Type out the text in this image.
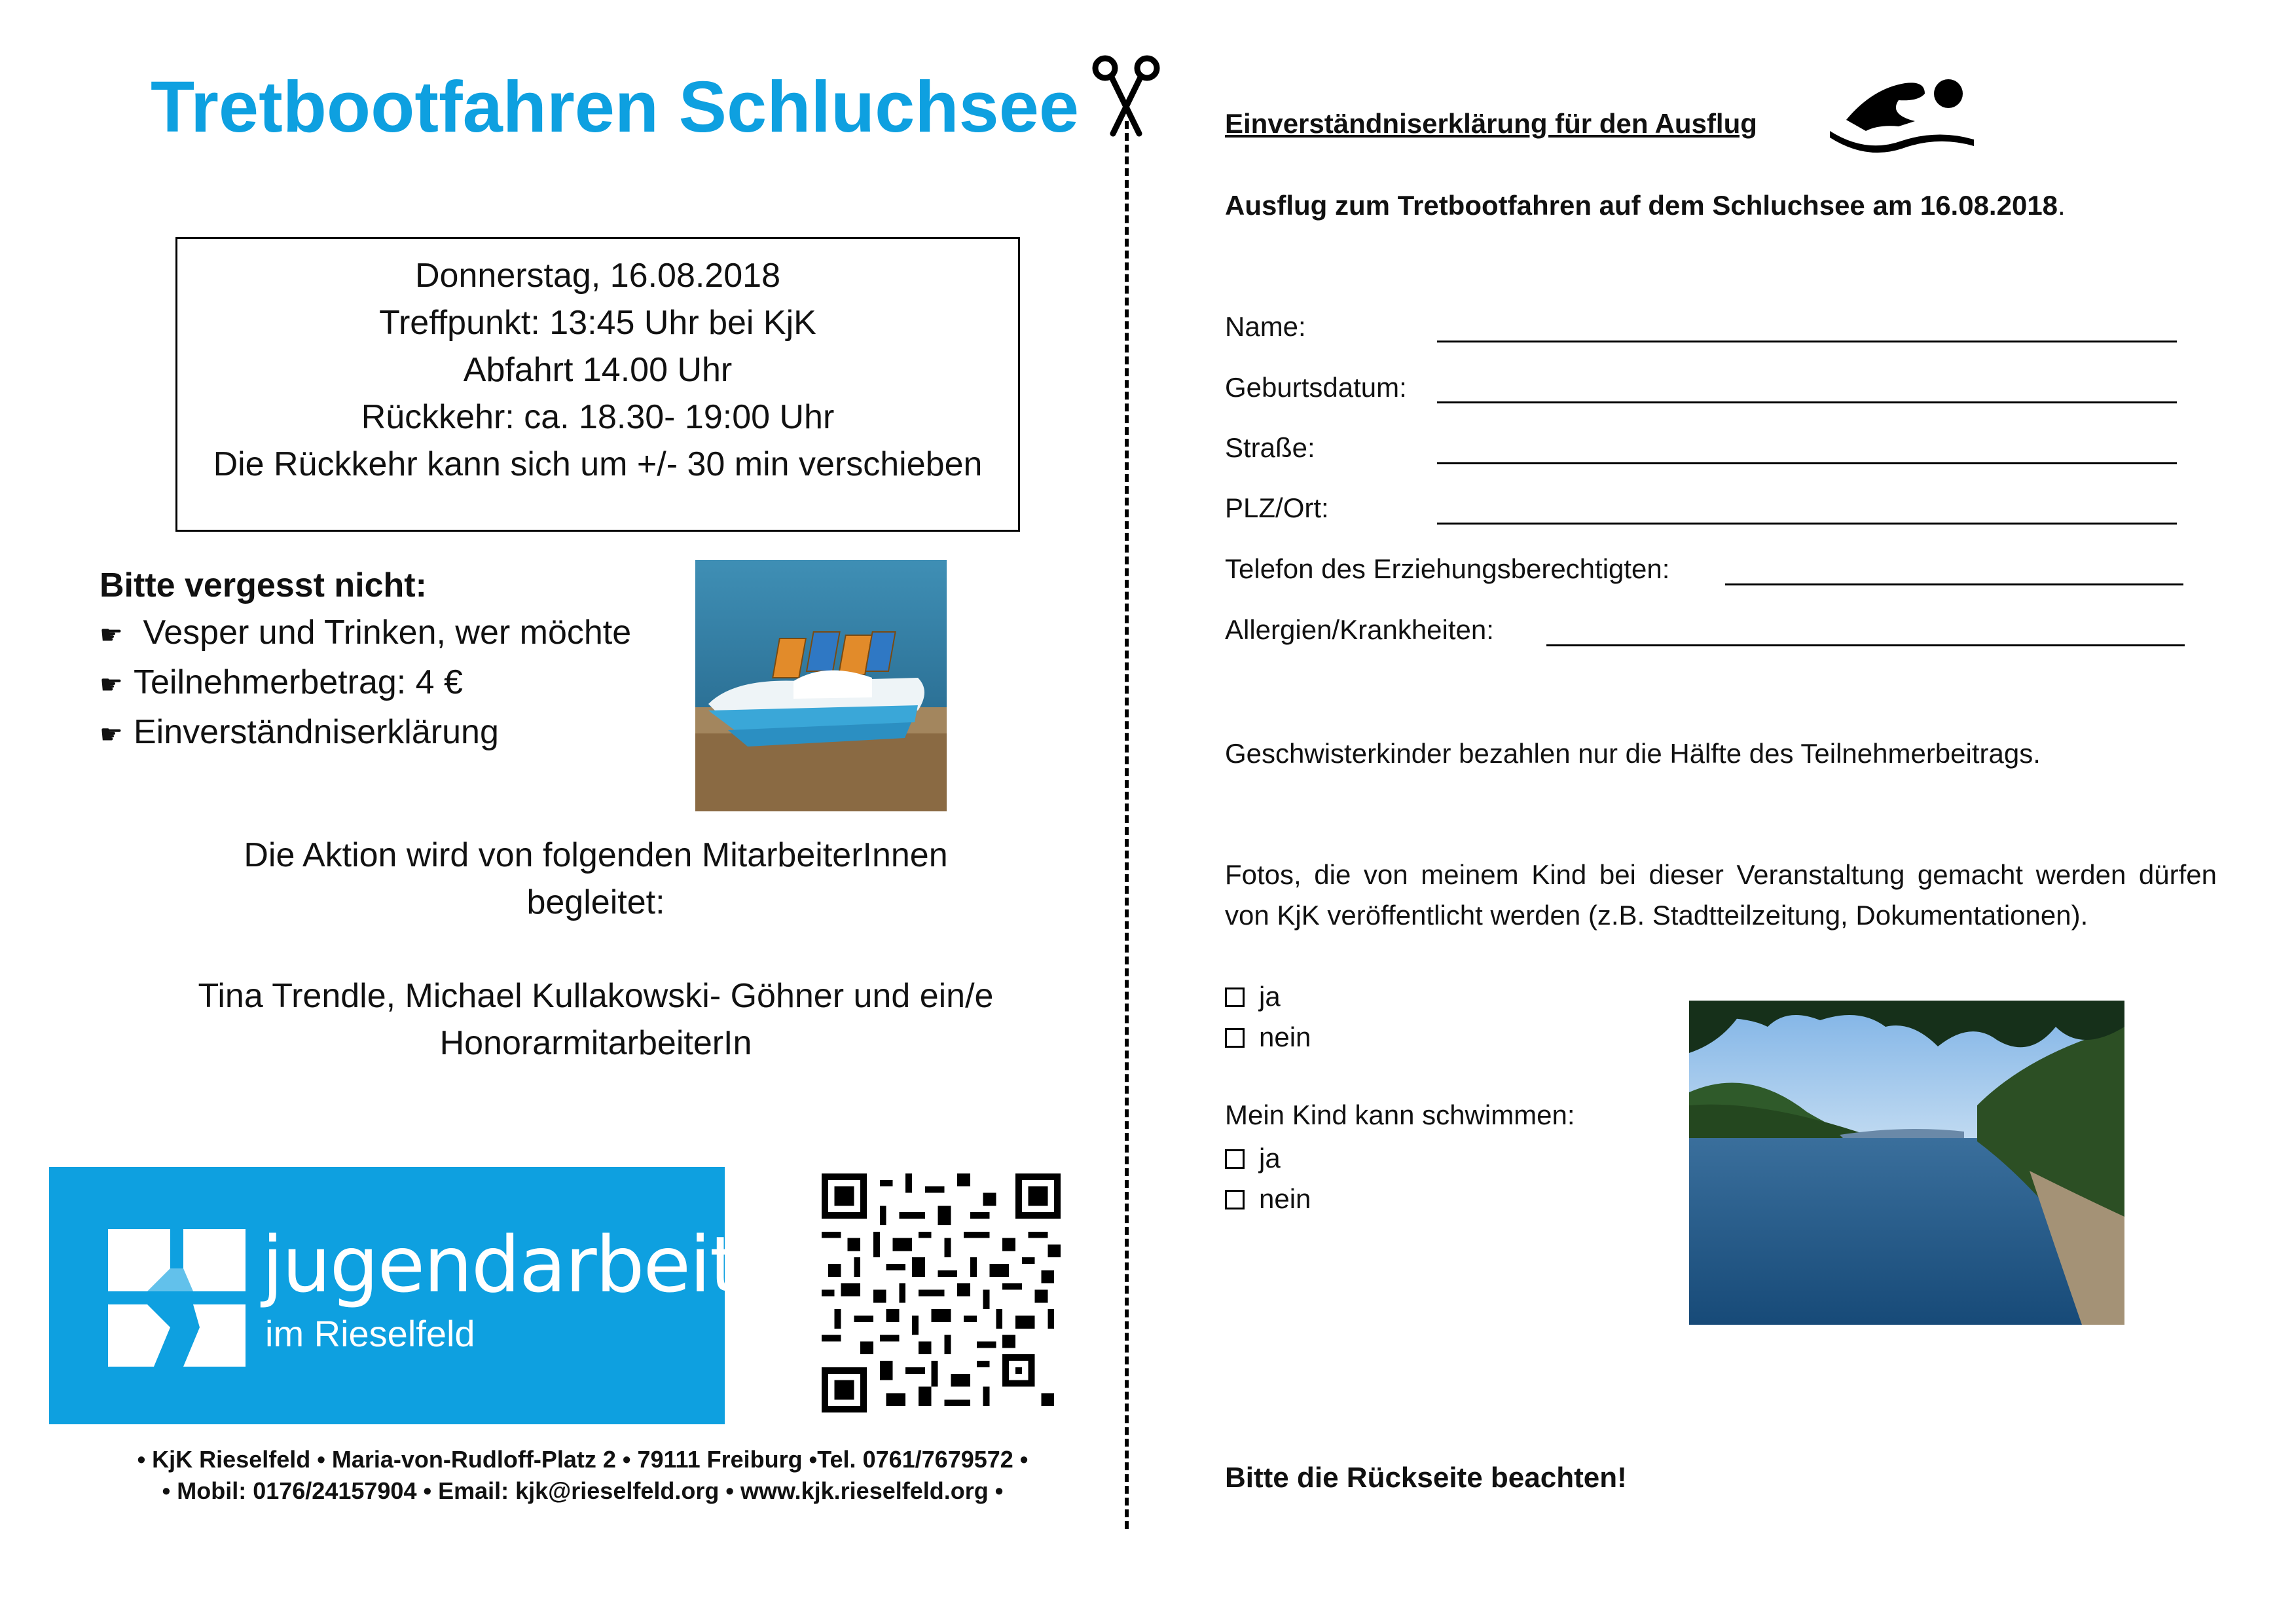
Tretbootfahren Schluchsee
Donnerstag, 16.08.2018
Treffpunkt: 13:45 Uhr bei KjK
Abfahrt 14.00 Uhr
Rückkehr: ca. 18.30- 19:00 Uhr
Die Rückkehr kann sich um +/- 30 min verschieben
Bitte vergesst nicht:
☛ Vesper und Trinken, wer möchte
☛ Teilnehmerbetrag: 4 €
☛ Einverständniserklärung
Die Aktion wird von folgenden MitarbeiterInnen
begleitet:
Tina Trendle, Michael Kullakowski- Göhner und ein/e
HonorarmitarbeiterIn
jugendarbeit
im Rieselfeld
• KjK Rieselfeld • Maria-von-Rudloff-Platz 2 • 79111 Freiburg •Tel. 0761/7679572 •
• Mobil: 0176/24157904 • Email: kjk@rieselfeld.org • www.kjk.rieselfeld.org •
Einverständniserklärung für den Ausflug
Ausflug zum Tretbootfahren auf dem Schluchsee am 16.08.2018.
Name:
Geburtsdatum:
Straße:
PLZ/Ort:
Telefon des Erziehungsberechtigten:
Allergien/Krankheiten:
Geschwisterkinder bezahlen nur die Hälfte des Teilnehmerbeitrags.
Fotos, die von meinem Kind bei dieser Veranstaltung gemacht werden dürfen von KjK veröffentlicht werden (z.B. Stadtteilzeitung, Dokumentationen).
ja
nein
Mein Kind kann schwimmen:
ja
nein
Bitte die Rückseite beachten!
